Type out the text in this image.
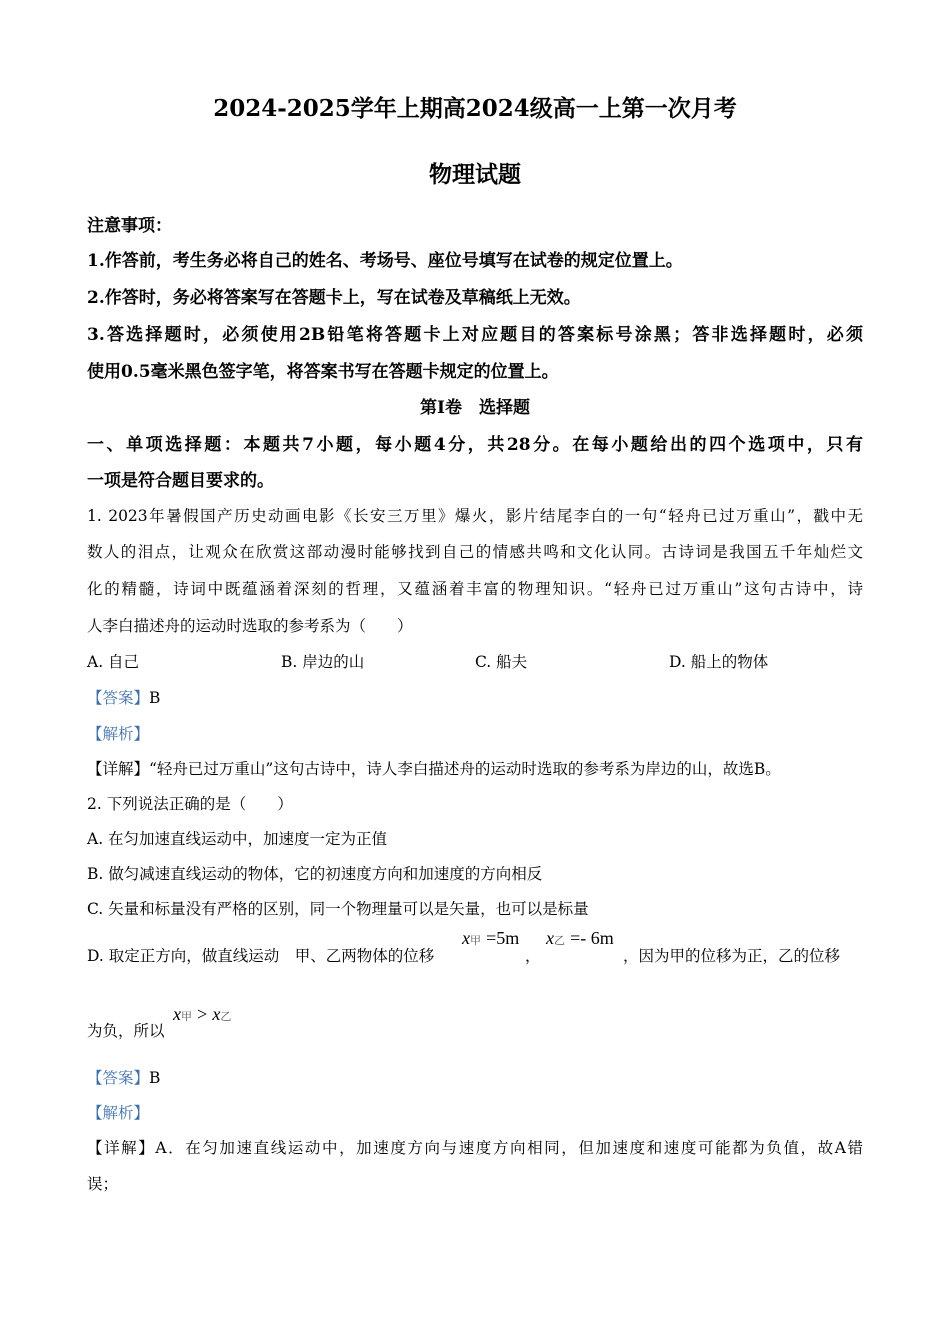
2024-2025学年上期高2024级高一上第一次月考
物理试题
注意事项：
1.作答前，考生务必将自己的姓名、考场号、座位号填写在试卷的规定位置上。
2.作答时，务必将答案写在答题卡上，写在试卷及草稿纸上无效。
3.答选择题时，必须使用2B铅笔将答题卡上对应题目的答案标号涂黑；答非选择题时，必须
使用0.5毫米黑色签字笔，将答案书写在答题卡规定的位置上。
第I卷　选择题
一、单项选择题：本题共7小题，每小题4分，共28分。在每小题给出的四个选项中，只有
一项是符合题目要求的。
1. 2023年暑假国产历史动画电影《长安三万里》爆火，影片结尾李白的一句“轻舟已过万重山”，戳中无
数人的泪点，让观众在欣赏这部动漫时能够找到自己的情感共鸣和文化认同。古诗词是我国五千年灿烂文
化的精髓，诗词中既蕴涵着深刻的哲理，又蕴涵着丰富的物理知识。“轻舟已过万重山”这句古诗中，诗
人李白描述舟的运动时选取的参考系为（　　）
A. 自己	B. 岸边的山	C. 船夫	D. 船上的物体
【答案】B
【解析】
【详解】“轻舟已过万重山”这句古诗中，诗人李白描述舟的运动时选取的参考系为岸边的山，故选B。
2. 下列说法正确的是（　　）
A. 在匀加速直线运动中，加速度一定为正值
B. 做匀减速直线运动的物体，它的初速度方向和加速度的方向相反
C. 矢量和标量没有严格的区别，同一个物理量可以是矢量，也可以是标量
D. 取定正方向，做直线运动　甲、乙两物体的位移
x甲 =5m
，
x乙 =- 6m
，因为甲的位移为正，乙的位移
为负，所以
x甲 > x乙
【答案】B
【解析】
【详解】A．在匀加速直线运动中，加速度方向与速度方向相同，但加速度和速度可能都为负值，故A错
误；
